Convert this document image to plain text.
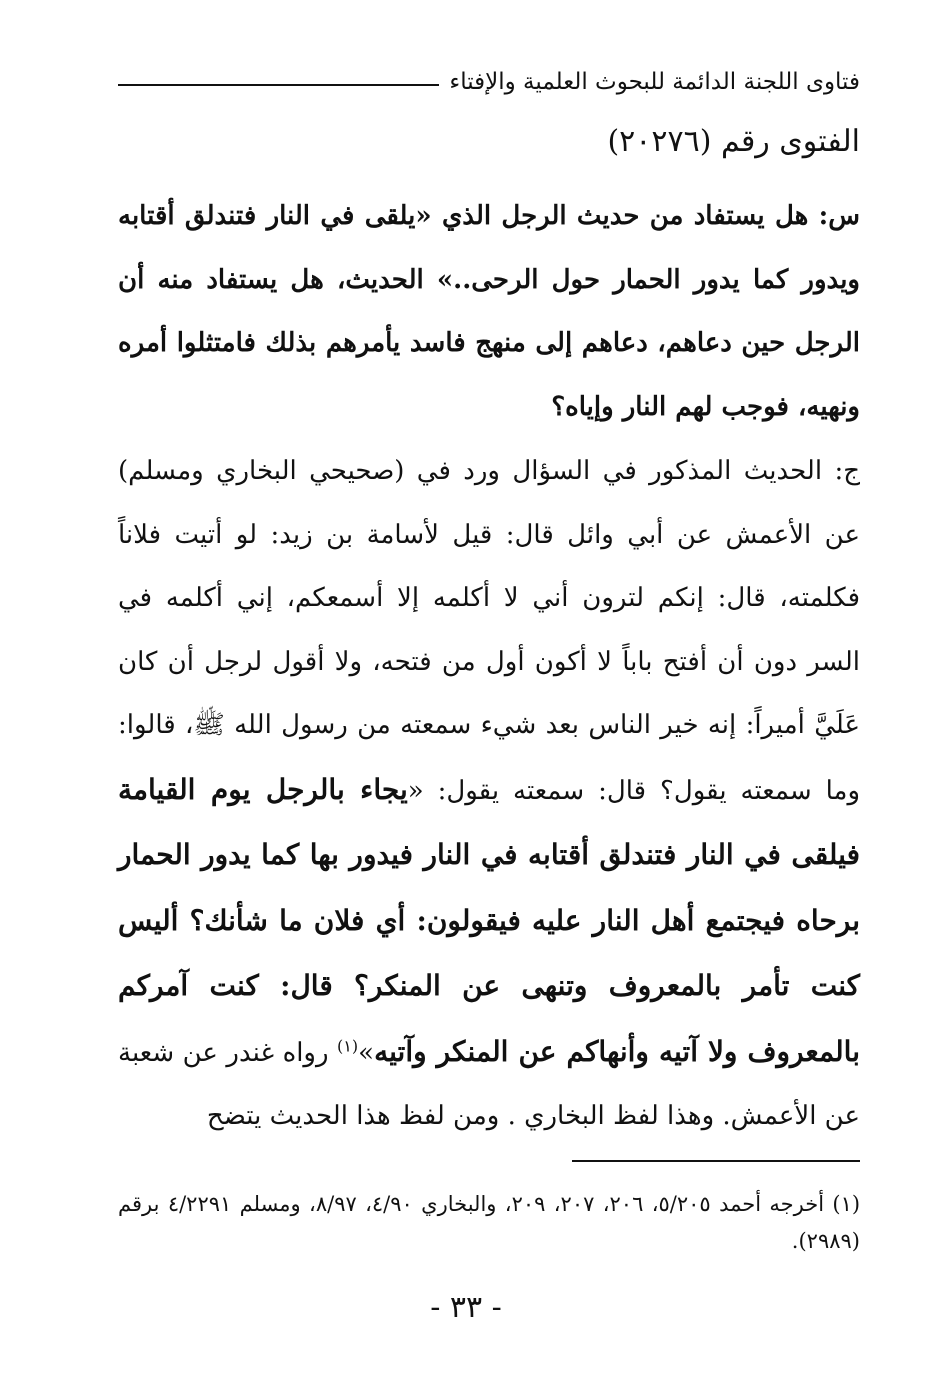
فتاوى اللجنة الدائمة للبحوث العلمية والإفتاء
الفتوى رقم (٢٠٢٧٦)

س: هل يستفاد من حديث الرجل الذي «يلقى في النار فتندلق أقتابه ويدور كما يدور الحمار حول الرحى..» الحديث، هل يستفاد منه أن الرجل حين دعاهم، دعاهم إلى منهج فاسد يأمرهم بذلك فامتثلوا أمره ونهيه، فوجب لهم النار وإياه؟

ج: الحديث المذكور في السؤال ورد في (صحيحي البخاري ومسلم) عن الأعمش عن أبي وائل قال: قيل لأسامة بن زيد: لو أتيت فلاناً فكلمته، قال: إنكم لترون أني لا أكلمه إلا أسمعكم، إني أكلمه في السر دون أن أفتح باباً لا أكون أول من فتحه، ولا أقول لرجل أن كان عَلَيَّ أميراً: إنه خير الناس بعد شيء سمعته من رسول الله ﷺ، قالوا: وما سمعته يقول؟ قال: سمعته يقول: «يجاء بالرجل يوم القيامة فيلقى في النار فتندلق أقتابه في النار فيدور بها كما يدور الحمار برحاه فيجتمع أهل النار عليه فيقولون: أي فلان ما شأنك؟ أليس كنت تأمر بالمعروف وتنهى عن المنكر؟ قال: كنت آمركم بالمعروف ولا آتيه وأنهاكم عن المنكر وآتيه»$^{(١)}$ رواه غندر عن شعبة عن الأعمش. وهذا لفظ البخاري . ومن لفظ هذا الحديث يتضح

(١) أخرجه أحمد ٥/٢٠٥، ٢٠٦، ٢٠٧، ٢٠٩، والبخاري ٤/٩٠، ٨/٩٧، ومسلم ٤/٢٢٩١ برقم (٢٩٨٩).

- ٣٣ -
